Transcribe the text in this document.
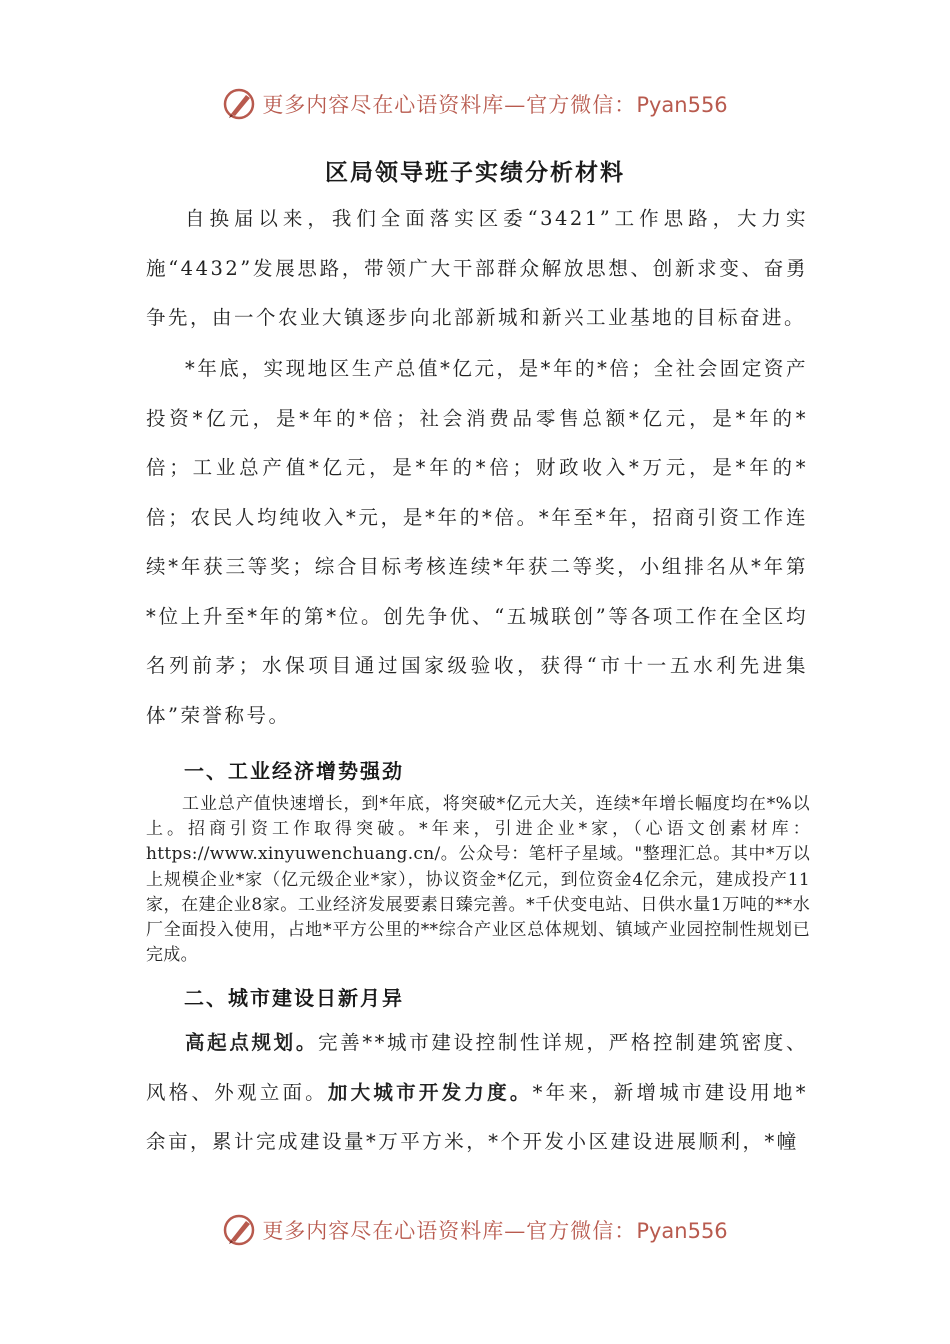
更多内容尽在心语资料库—官方微信：Pyan556
区局领导班子实绩分析材料

自换届以来，我们全面落实区委“3421”工作思路，大力实施“4432”发展思路，带领广大干部群众解放思想、创新求变、奋勇争先，由一个农业大镇逐步向北部新城和新兴工业基地的目标奋进。

*年底，实现地区生产总值*亿元，是*年的*倍；全社会固定资产投资*亿元，是*年的*倍；社会消费品零售总额*亿元，是*年的*倍；工业总产值*亿元，是*年的*倍；财政收入*万元，是*年的*倍；农民人均纯收入*元，是*年的*倍。*年至*年，招商引资工作连续*年获三等奖；综合目标考核连续*年获二等奖，小组排名从*年第*位上升至*年的第*位。创先争优、“五城联创”等各项工作在全区均名列前茅；水保项目通过国家级验收，获得“市十一五水利先进集体”荣誉称号。

一、工业经济增势强劲

工业总产值快速增长，到*年底，将突破*亿元大关，连续*年增长幅度均在*%以上。招商引资工作取得突破。*年来，引进企业*家，（心语文创素材库：https://www.xinyuwenchuang.cn/。公众号：笔杆子星域。"整理汇总。其中*万以上规模企业*家（亿元级企业*家），协议资金*亿元，到位资金4亿余元，建成投产11家，在建企业8家。工业经济发展要素日臻完善。*千伏变电站、日供水量1万吨的**水厂全面投入使用，占地*平方公里的**综合产业区总体规划、镇域产业园控制性规划已完成。

二、城市建设日新月异

高起点规划。完善**城市建设控制性详规，严格控制建筑密度、风格、外观立面。加大城市开发力度。*年来，新增城市建设用地*余亩，累计完成建设量*万平方米，*个开发小区建设进展顺利，*幢

更多内容尽在心语资料库—官方微信：Pyan556
